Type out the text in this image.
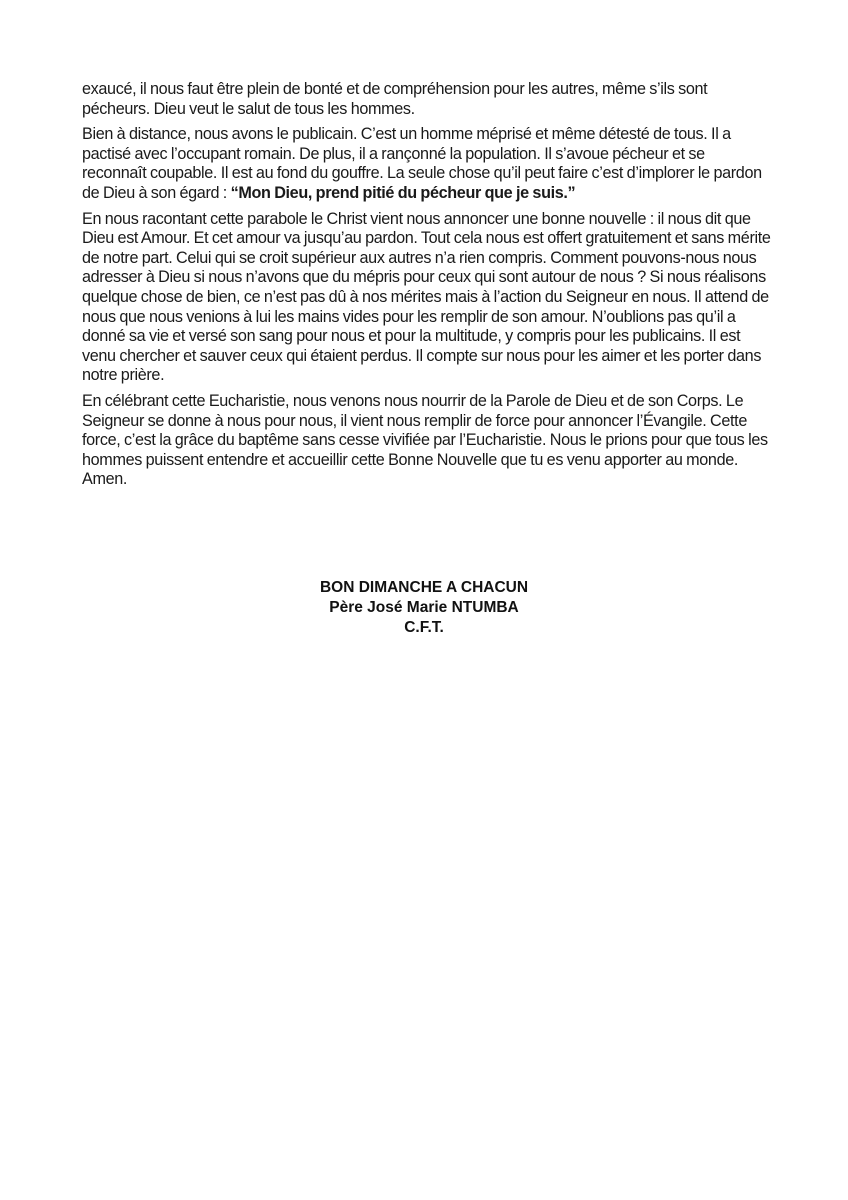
exaucé, il nous faut être plein de bonté et de compréhension pour les autres, même s’ils sont pécheurs. Dieu veut le salut de tous les hommes.

Bien à distance, nous avons le publicain. C’est un homme méprisé et même détesté de tous. Il a pactisé avec l’occupant romain. De plus, il a rançonné la population. Il s’avoue pécheur et se reconnaît coupable. Il est au fond du gouffre. La seule chose qu’il peut faire c’est d’implorer le pardon de Dieu à son égard : “Mon Dieu, prend pitié du pécheur que je suis.”

En nous racontant cette parabole le Christ vient nous annoncer une bonne nouvelle : il nous dit que Dieu est Amour. Et cet amour va jusqu’au pardon. Tout cela nous est offert gratuitement et sans mérite de notre part. Celui qui se croit supérieur aux autres n’a rien compris. Comment pouvons-nous nous adresser à Dieu si nous n’avons que du mépris pour ceux qui sont autour de nous ? Si nous réalisons quelque chose de bien, ce n’est pas dû à nos mérites mais à l’action du Seigneur en nous. Il attend de nous que nous venions à lui les mains vides pour les remplir de son amour. N’oublions pas qu’il a donné sa vie et versé son sang pour nous et pour la multitude, y compris pour les publicains. Il est venu chercher et sauver ceux qui étaient perdus. Il compte sur nous pour les aimer et les porter dans notre prière.

En célébrant cette Eucharistie, nous venons nous nourrir de la Parole de Dieu et de son Corps. Le Seigneur se donne à nous pour nous, il vient nous remplir de force pour annoncer l’Évangile. Cette force, c’est la grâce du baptême sans cesse vivifiée par l’Eucharistie. Nous le prions pour que tous les hommes puissent entendre et accueillir cette Bonne Nouvelle que tu es venu apporter au monde. Amen.

BON DIMANCHE A CHACUN
Père José Marie NTUMBA
C.F.T.
